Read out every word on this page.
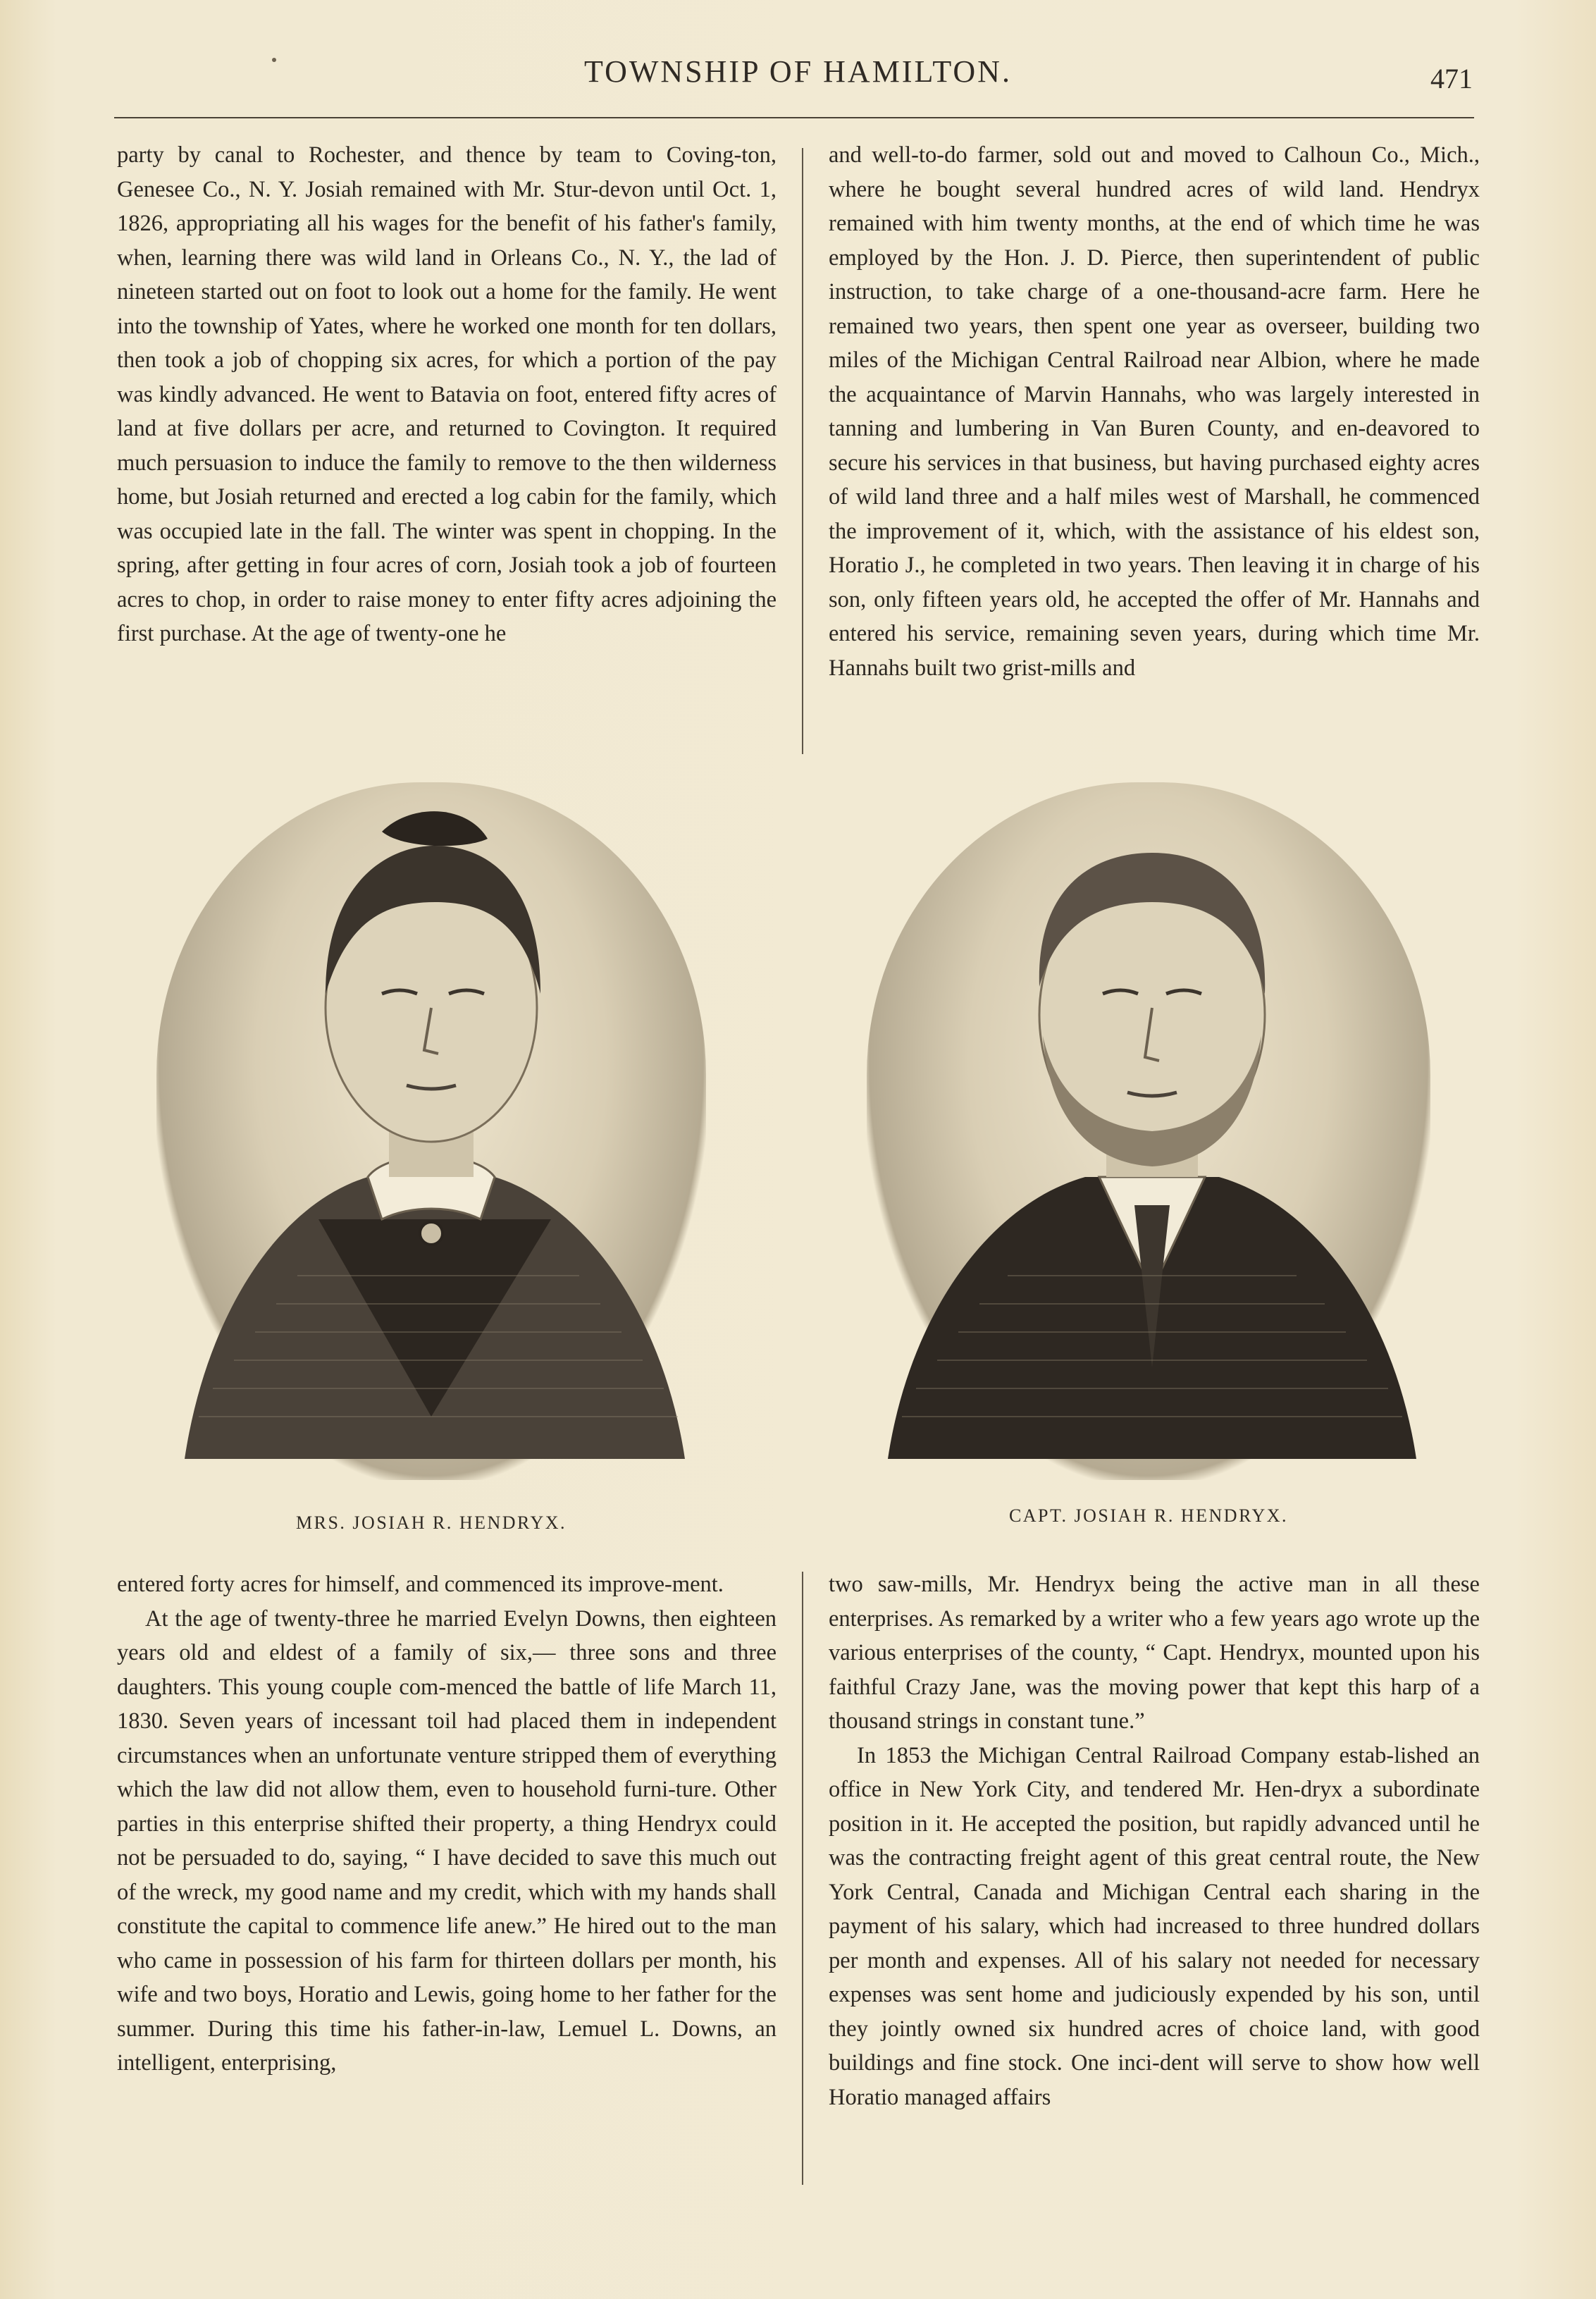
TOWNSHIP OF HAMILTON.	471

party by canal to Rochester, and thence by team to Coving-ton, Genesee Co., N. Y. Josiah remained with Mr. Stur-devon until Oct. 1, 1826, appropriating all his wages for the benefit of his father's family, when, learning there was wild land in Orleans Co., N. Y., the lad of nineteen started out on foot to look out a home for the family. He went into the township of Yates, where he worked one month for ten dollars, then took a job of chopping six acres, for which a portion of the pay was kindly advanced. He went to Batavia on foot, entered fifty acres of land at five dollars per acre, and returned to Covington. It required much persuasion to induce the family to remove to the then wilderness home, but Josiah returned and erected a log cabin for the family, which was occupied late in the fall. The winter was spent in chopping. In the spring, after getting in four acres of corn, Josiah took a job of fourteen acres to chop, in order to raise money to enter fifty acres adjoining the first purchase. At the age of twenty-one he

and well-to-do farmer, sold out and moved to Calhoun Co., Mich., where he bought several hundred acres of wild land. Hendryx remained with him twenty months, at the end of which time he was employed by the Hon. J. D. Pierce, then superintendent of public instruction, to take charge of a one-thousand-acre farm. Here he remained two years, then spent one year as overseer, building two miles of the Michigan Central Railroad near Albion, where he made the acquaintance of Marvin Hannahs, who was largely interested in tanning and lumbering in Van Buren County, and en-deavored to secure his services in that business, but having purchased eighty acres of wild land three and a half miles west of Marshall, he commenced the improvement of it, which, with the assistance of his eldest son, Horatio J., he completed in two years. Then leaving it in charge of his son, only fifteen years old, he accepted the offer of Mr. Hannahs and entered his service, remaining seven years, during which time Mr. Hannahs built two grist-mills and

MRS. JOSIAH R. HENDRYX.	CAPT. JOSIAH R. HENDRYX.

entered forty acres for himself, and commenced its improve-ment.

At the age of twenty-three he married Evelyn Downs, then eighteen years old and eldest of a family of six,— three sons and three daughters. This young couple com-menced the battle of life March 11, 1830. Seven years of incessant toil had placed them in independent circumstances when an unfortunate venture stripped them of everything which the law did not allow them, even to household furni-ture. Other parties in this enterprise shifted their property, a thing Hendryx could not be persuaded to do, saying, “ I have decided to save this much out of the wreck, my good name and my credit, which with my hands shall constitute the capital to commence life anew.” He hired out to the man who came in possession of his farm for thirteen dollars per month, his wife and two boys, Horatio and Lewis, going home to her father for the summer. During this time his father-in-law, Lemuel L. Downs, an intelligent, enterprising,

two saw-mills, Mr. Hendryx being the active man in all these enterprises. As remarked by a writer who a few years ago wrote up the various enterprises of the county, “ Capt. Hendryx, mounted upon his faithful Crazy Jane, was the moving power that kept this harp of a thousand strings in constant tune.”

In 1853 the Michigan Central Railroad Company estab-lished an office in New York City, and tendered Mr. Hen-dryx a subordinate position in it. He accepted the position, but rapidly advanced until he was the contracting freight agent of this great central route, the New York Central, Canada and Michigan Central each sharing in the payment of his salary, which had increased to three hundred dollars per month and expenses. All of his salary not needed for necessary expenses was sent home and judiciously expended by his son, until they jointly owned six hundred acres of choice land, with good buildings and fine stock. One inci-dent will serve to show how well Horatio managed affairs
